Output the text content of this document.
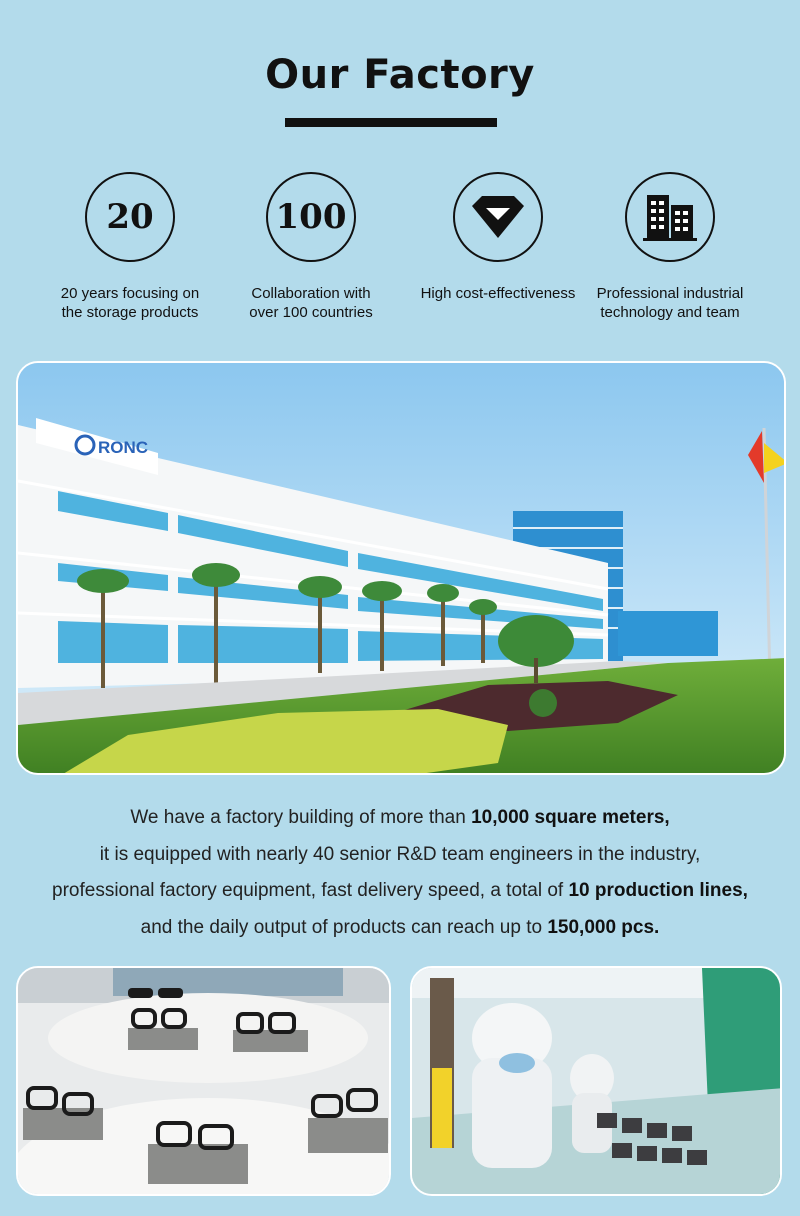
Our Factory
20
20 years focusing on
the storage products
100
Collaboration with
over 100 countries
High cost-effectiveness	Professional industrial
technology and team
RONC
We have a factory building of more than 10,000 square meters,
it is equipped with nearly 40 senior R&D team engineers in the industry,
professional factory equipment, fast delivery speed, a total of 10 production lines,
and the daily output of products can reach up to 150,000 pcs.
